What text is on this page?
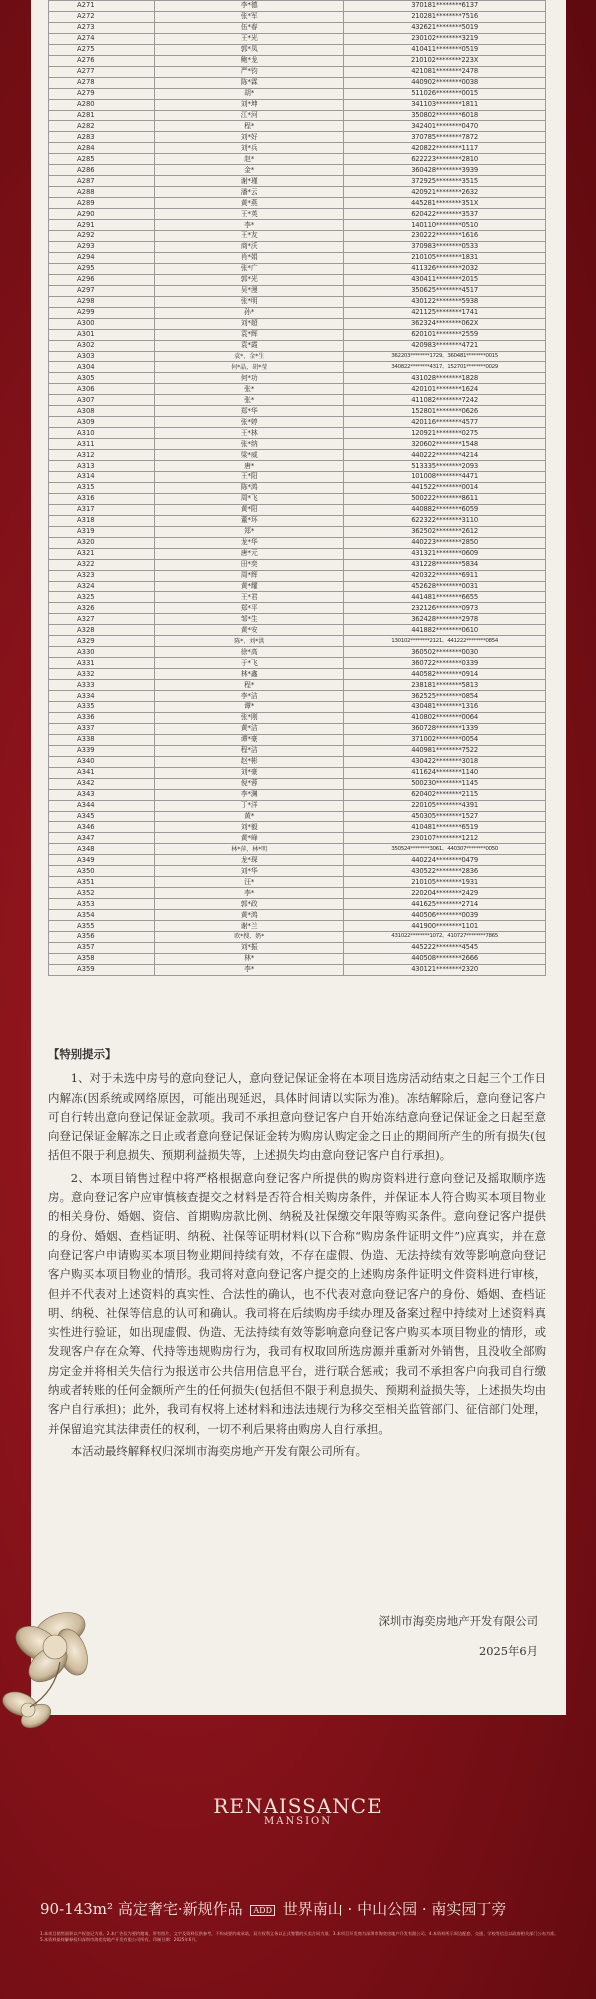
A271	李*德	370181********6137
A272	张*军	210281********7516
A273	伍*春	432621********5019
A274	王*光	230102********3219
A275	郭*凤	410411********0519
A276	鲍*龙	210102********223X
A277	严*钧	421081********2478
A278	陈*霖	440902********0038
A279	胡*	511026********0015
A280	刘*坤	341103********1811
A281	江*河	350802********6018
A282	程*	342401********0470
A283	刘*好	370785********7872
A284	刘*兵	420822********1117
A285	赵*	622223********2810
A286	金*	360428********3939
A287	谢*瑾	372925********3515
A288	潘*云	420921********2632
A289	黄*燕	445281********351X
A290	王*英	620422********3537
A291	李*	140110********0510
A292	王*友	230222********1616
A293	商*沃	370983********0533
A294	肖*娟	210105********1831
A295	张*广	411326********2032
A296	郭*光	430411********2015
A297	吴*漫	350625********4517
A298	张*明	430122********5938
A299	孙*	421125********1741
A300	刘*超	362324********062X
A301	袁*辉	620101********2559
A302	袁*霞	420983********4721
A303	袁*、金*生	362203********1729、360481********0015
A304	何*晶、胡*莹	340822********4317、152701********0029
A305	何*功	431028********1828
A306	张*	420101********1624
A307	张*	411082********7242
A308	郑*华	152801********0626
A309	张*婷	420116********4577
A310	王*林	120921********0275
A311	张*纳	320602********1548
A312	梁*威	440222********4214
A313	唐*	513335********2093
A314	王*阳	101008********4471
A315	陈*鸿	441522********0014
A316	周*飞	500222********8611
A317	黄*阳	440882********6059
A318	董*环	622322********3110
A319	郑*	362502********2612
A320	龙*华	440223********2850
A321	唐*元	431321********0609
A322	田*奕	431228********5834
A323	周*辉	420322********6911
A324	黄*耀	452628********0031
A325	王*君	441481********6655
A326	郑*平	232126********0973
A327	邹*生	362428********2978
A328	黄*安	441882********0610
A329	陈*、刘*洪	130102********2121、441222********0854
A330	徐*高	360502********0030
A331	于*飞	360722********0339
A332	林*鑫	440582********0914
A333	程*	238181********5813
A334	李*洁	362525********0854
A335	谭*	430481********1316
A336	张*刚	410802********0064
A337	黄*洁	360728********1339
A338	谭*豪	371002********0054
A339	程*洁	440981********7522
A340	赵*彬	430422********3018
A341	刘*豪	411624********1140
A342	倪*蓉	500230********1145
A343	李*渊	620402********2115
A344	丁*洋	220105********4391
A345	黄*	450305********1527
A346	刘*毅	410481********6519
A347	黄*峰	230107********1212
A348	林*萍、林*明	350524********3061、440307********0050
A349	龙*琛	440224********0479
A350	刘*华	430522********2836
A351	汪*	210105********1931
A352	李*	220204********2429
A353	郭*政	441625********2714
A354	黄*鸿	440506********0039
A355	谢*兰	441900********1101
A356	欧*搜、奶*	431022********1072、410727********7865
A357	刘*振	445222********4545
A358	林*	440508********2666
A359	李*	430121********2320
【特别提示】

1、对于未选中房号的意向登记人，意向登记保证金将在本项目选房活动结束之日起三个工作日内解冻(因系统或网络原因，可能出现延迟，具体时间请以实际为准)。冻结解除后，意向登记客户可自行转出意向登记保证金款项。我司不承担意向登记客户自开始冻结意向登记保证金之日起至意向登记保证金解冻之日止或者意向登记保证金转为购房认购定金之日止的期间所产生的所有损失(包括但不限于利息损失、预期利益损失等，上述损失均由意向登记客户自行承担)。

2、本项目销售过程中将严格根据意向登记客户所提供的购房资料进行意向登记及摇取顺序选房。意向登记客户应审慎核查提交之材料是否符合相关购房条件，并保证本人符合购买本项目物业的相关身份、婚姻、资信、首期购房款比例、纳税及社保缴交年限等购买条件。意向登记客户提供的身份、婚姻、查档证明、纳税、社保等证明材料(以下合称“购房条件证明文件”)应真实，并在意向登记客户申请购买本项目物业期间持续有效，不存在虚假、伪造、无法持续有效等影响意向登记客户购买本项目物业的情形。我司将对意向登记客户提交的上述购房条件证明文件资料进行审核，但并不代表对上述资料的真实性、合法性的确认，也不代表对意向登记客户的身份、婚姻、查档证明、纳税、社保等信息的认可和确认。我司将在后续购房手续办理及备案过程中持续对上述资料真实性进行验证，如出现虚假、伪造、无法持续有效等影响意向登记客户购买本项目物业的情形，或发现客户存在众筹、代持等违规购房行为，我司有权取回所选房源并重新对外销售，且没收全部购房定金并将相关失信行为报送市公共信用信息平台，进行联合惩戒；我司不承担客户向我司自行缴纳或者转账的任何金额所产生的任何损失(包括但不限于利息损失、预期利益损失等，上述损失均由客户自行承担)；此外，我司有权将上述材料和违法违规行为移交至相关监管部门、征信部门处理，并保留追究其法律责任的权利，一切不利后果将由购房人自行承担。

本活动最终解释权归深圳市海奕房地产开发有限公司所有。

深圳市海奕房地产开发有限公司
2025年6月
RENAISSANCE
MANSION
90-143m² 高定奢宅·新规作品 ADD 世界南山 · 中山公园 · 南实园丁旁
1.本项目销售面积以产权登记为准。2.本广告仅为要约邀请，所有图片、文字及资料仅供参考，不构成要约或承诺，双方权利义务以正式签署的买卖合同为准。3.本项目开发商为深圳市海奕房地产开发有限公司。4.本资料所示周边配套、交通、学校等信息以政府相关部门公布为准。5.本资料最终解释权归深圳市海奕房地产开发有限公司所有。印制日期：2025年6月。
